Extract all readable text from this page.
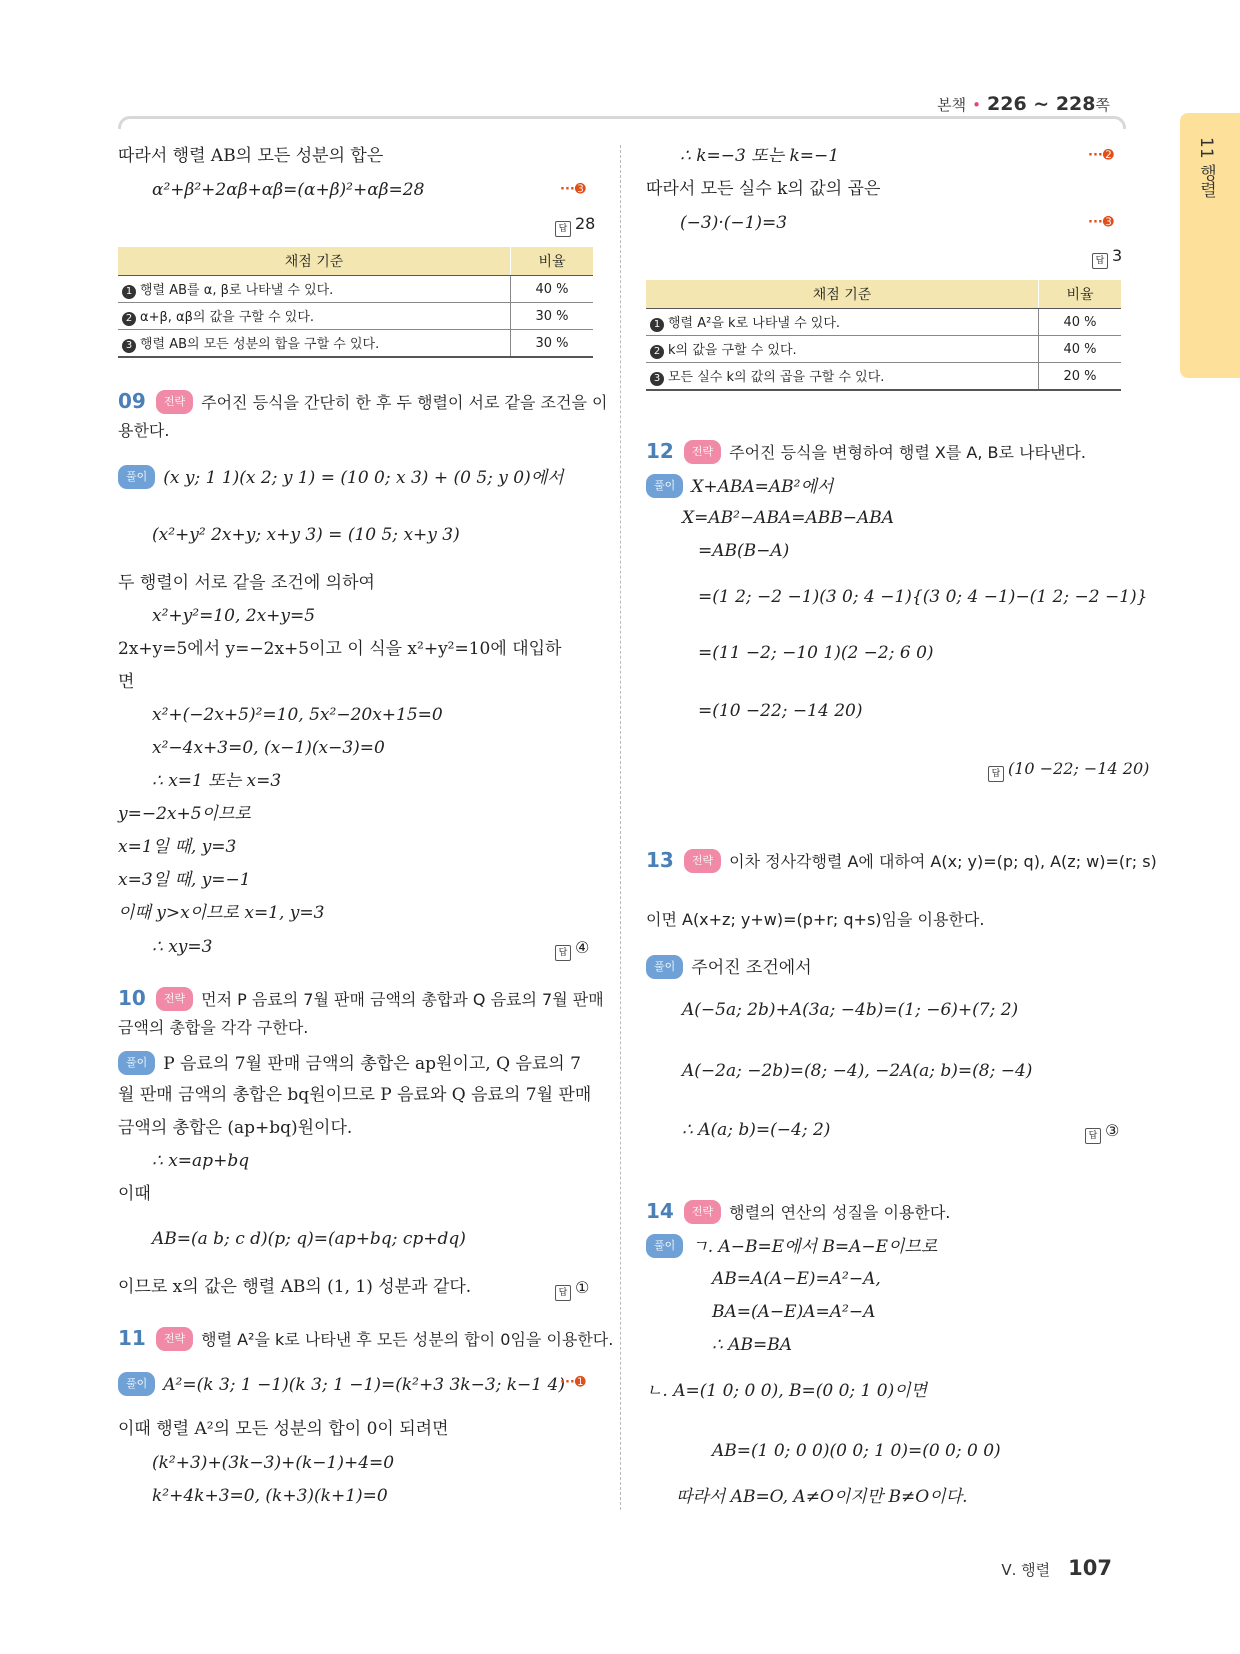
본책 • 226 ~ 228쪽
11 행렬
따라서 행렬 AB의 모든 성분의 합은
α²+β²+2αβ+αβ=(α+β)²+αβ=28	···➌
답 28
채점 기준	비율
1 행렬 AB를 α, β로 나타낼 수 있다.	40 %
2 α+β, αβ의 값을 구할 수 있다.	30 %
3 행렬 AB의 모든 성분의 합을 구할 수 있다.	30 %
09 전략 주어진 등식을 간단히 한 후 두 행렬이 서로 같을 조건을 이
용한다.
풀이 (x y; 1 1)(x 2; y 1) = (10 0; x 3) + (0 5; y 0)에서
(x²+y² 2x+y; x+y 3) = (10 5; x+y 3)
두 행렬이 서로 같을 조건에 의하여
x²+y²=10, 2x+y=5
2x+y=5에서 y=−2x+5이고 이 식을 x²+y²=10에 대입하
면
x²+(−2x+5)²=10, 5x²−20x+15=0
x²−4x+3=0, (x−1)(x−3)=0
∴ x=1 또는 x=3
y=−2x+5이므로
x=1일 때, y=3
x=3일 때, y=−1
이때 y>x이므로 x=1, y=3
∴ xy=3	답 ④
10 전략 먼저 P 음료의 7월 판매 금액의 총합과 Q 음료의 7월 판매
금액의 총합을 각각 구한다.
풀이 P 음료의 7월 판매 금액의 총합은 ap원이고, Q 음료의 7
월 판매 금액의 총합은 bq원이므로 P 음료와 Q 음료의 7월 판매
금액의 총합은 (ap+bq)원이다.
∴ x=ap+bq
이때
AB=(a b; c d)(p; q)=(ap+bq; cp+dq)
이므로 x의 값은 행렬 AB의 (1, 1) 성분과 같다.	답 ①
11 전략 행렬 A²을 k로 나타낸 후 모든 성분의 합이 0임을 이용한다.
풀이 A²=(k 3; 1 −1)(k 3; 1 −1)=(k²+3 3k−3; k−1 4)
···➊
이때 행렬 A²의 모든 성분의 합이 0이 되려면
(k²+3)+(3k−3)+(k−1)+4=0
k²+4k+3=0, (k+3)(k+1)=0
∴ k=−3 또는 k=−1	···➋
따라서 모든 실수 k의 값의 곱은
(−3)·(−1)=3	···➌
답 3
채점 기준	비율
1 행렬 A²을 k로 나타낼 수 있다.	40 %
2 k의 값을 구할 수 있다.	40 %
3 모든 실수 k의 값의 곱을 구할 수 있다.	20 %
12 전략 주어진 등식을 변형하여 행렬 X를 A, B로 나타낸다.
풀이 X+ABA=AB²에서
X=AB²−ABA=ABB−ABA
=AB(B−A)
=(1 2; −2 −1)(3 0; 4 −1){(3 0; 4 −1)−(1 2; −2 −1)}
=(11 −2; −10 1)(2 −2; 6 0)
=(10 −22; −14 20)
답 (10 −22; −14 20)
13 전략 이차 정사각행렬 A에 대하여 A(x; y)=(p; q), A(z; w)=(r; s)
이면 A(x+z; y+w)=(p+r; q+s)임을 이용한다.
풀이 주어진 조건에서
A(−5a; 2b)+A(3a; −4b)=(1; −6)+(7; 2)
A(−2a; −2b)=(8; −4), −2A(a; b)=(8; −4)
∴ A(a; b)=(−4; 2)	답 ③
14 전략 행렬의 연산의 성질을 이용한다.
풀이 ㄱ. A−B=E에서 B=A−E이므로
AB=A(A−E)=A²−A,
BA=(A−E)A=A²−A
∴ AB=BA
ㄴ. A=(1 0; 0 0), B=(0 0; 1 0)이면
AB=(1 0; 0 0)(0 0; 1 0)=(0 0; 0 0)
따라서 AB=O, A≠O이지만 B≠O이다.
Ⅴ. 행렬 107
